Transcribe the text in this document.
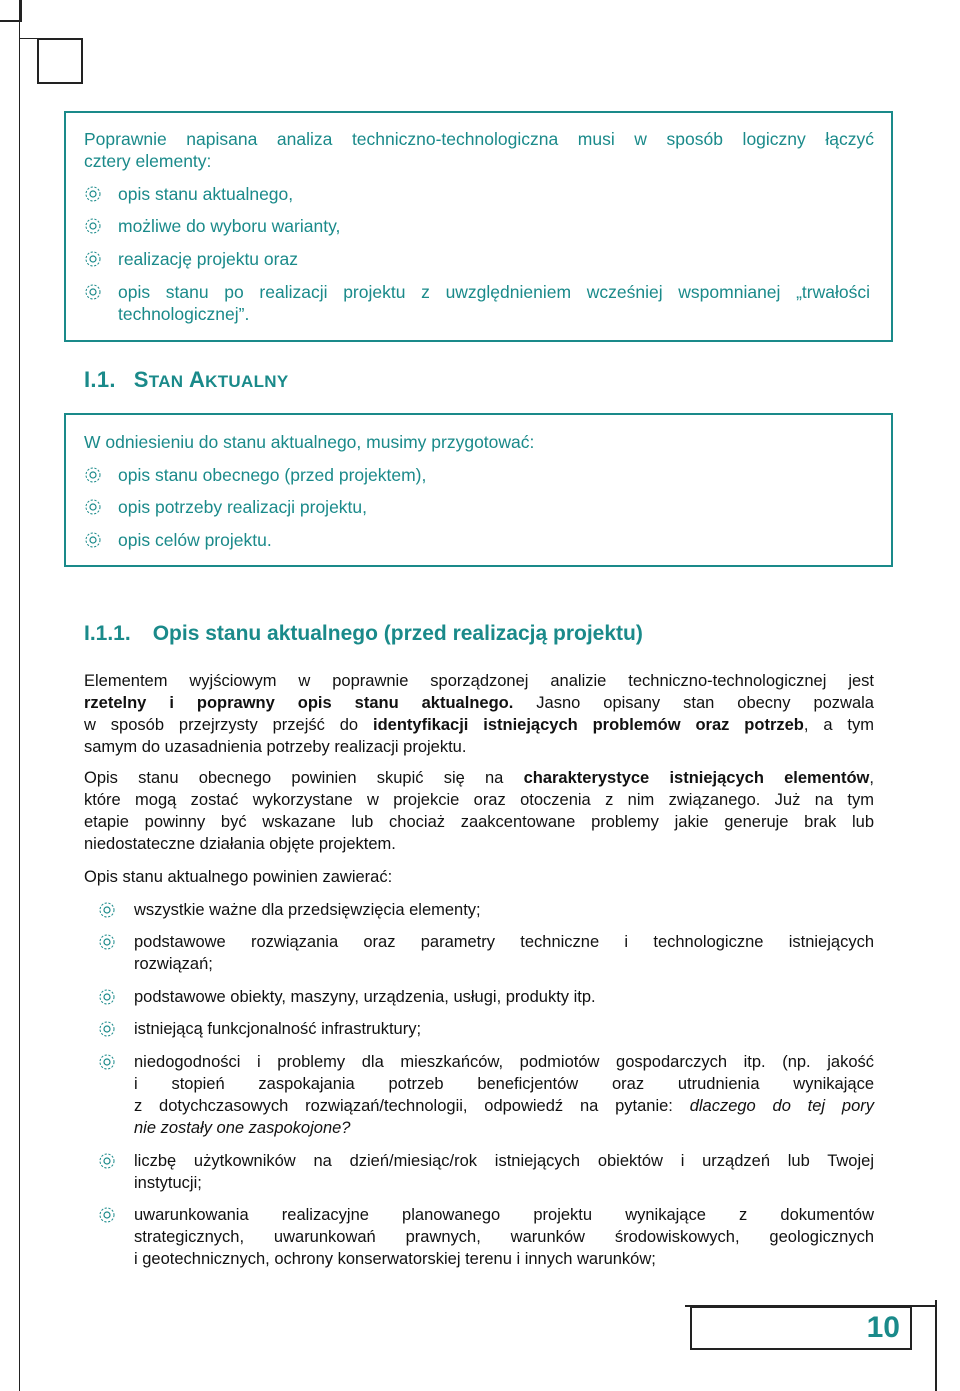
Poprawnie napisana analiza techniczno-technologiczna musi w sposób logiczny łączyć
cztery elementy:
opis stanu aktualnego,
możliwe do wyboru warianty,
realizację projektu oraz
opis stanu po realizacji projektu z uwzględnieniem wcześniej wspomnianej „trwałości
technologicznej”.
I.1. STAN AKTUALNY
W odniesieniu do stanu aktualnego, musimy przygotować:
opis stanu obecnego (przed projektem),
opis potrzeby realizacji projektu,
opis celów projektu.
I.1.1. Opis stanu aktualnego (przed realizacją projektu)
Elementem wyjściowym w poprawnie sporządzonej analizie techniczno-technologicznej jest
rzetelny i poprawny opis stanu aktualnego. Jasno opisany stan obecny pozwala
w sposób przejrzysty przejść do identyfikacji istniejących problemów oraz potrzeb, a tym
samym do uzasadnienia potrzeby realizacji projektu.
Opis stanu obecnego powinien skupić się na charakterystyce istniejących elementów,
które mogą zostać wykorzystane w projekcie oraz otoczenia z nim związanego. Już na tym
etapie powinny być wskazane lub chociaż zaakcentowane problemy jakie generuje brak lub
niedostateczne działania objęte projektem.
Opis stanu aktualnego powinien zawierać:
wszystkie ważne dla przedsięwzięcia elementy;
podstawowe rozwiązania oraz parametry techniczne i technologiczne istniejących
rozwiązań;
podstawowe obiekty, maszyny, urządzenia, usługi, produkty itp.
istniejącą funkcjonalność infrastruktury;
niedogodności i problemy dla mieszkańców, podmiotów gospodarczych itp. (np. jakość
i stopień zaspokajania potrzeb beneficjentów oraz utrudnienia wynikające
z dotychczasowych rozwiązań/technologii, odpowiedź na pytanie: dlaczego do tej pory
nie zostały one zaspokojone?
liczbę użytkowników na dzień/miesiąc/rok istniejących obiektów i urządzeń lub Twojej
instytucji;
uwarunkowania realizacyjne planowanego projektu wynikające z dokumentów
strategicznych, uwarunkowań prawnych, warunków środowiskowych, geologicznych
i geotechnicznych, ochrony konserwatorskiej terenu i innych warunków;
10
